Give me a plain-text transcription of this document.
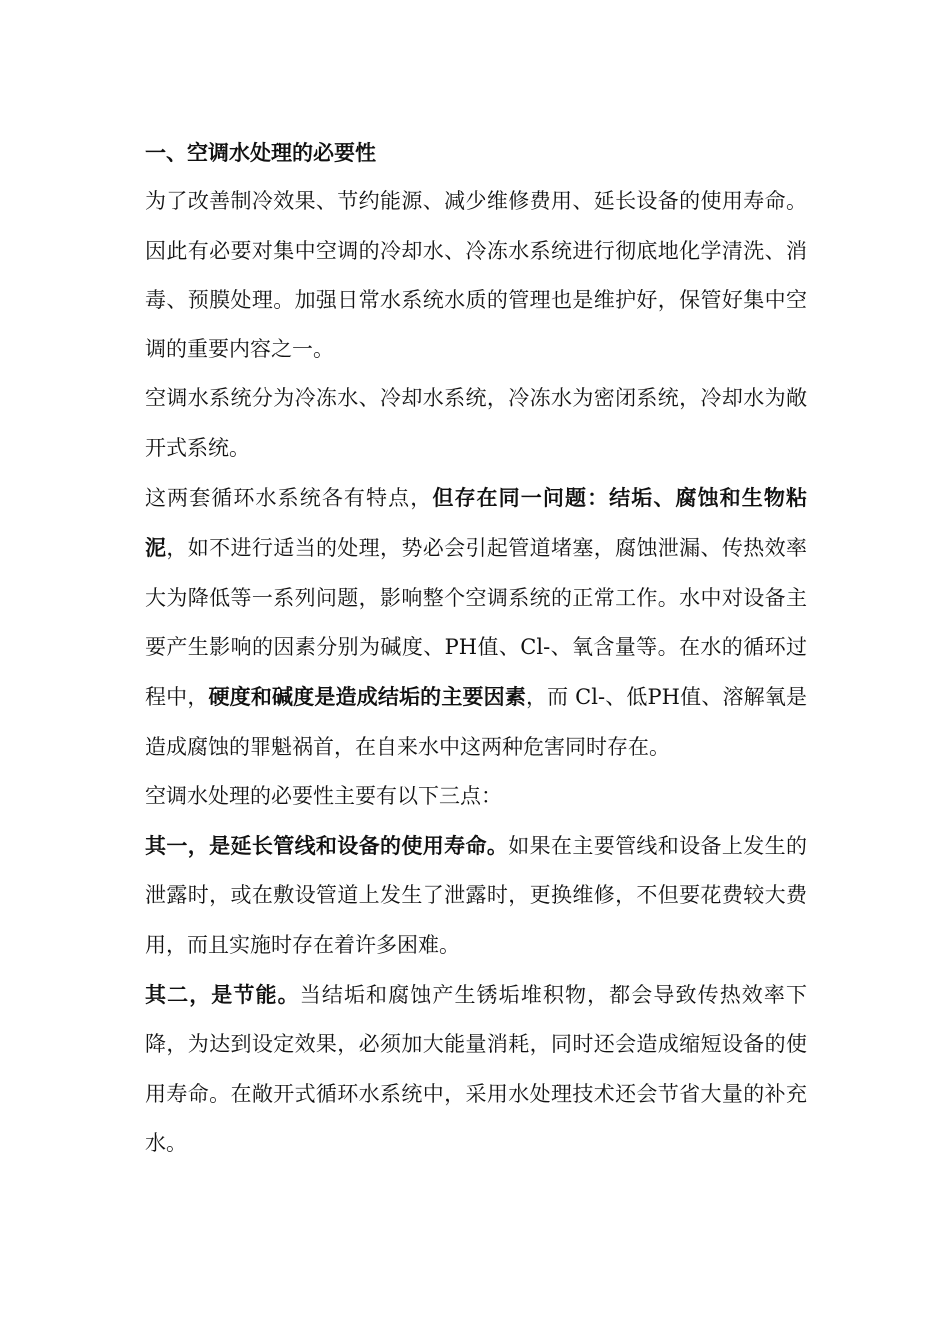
一、空调水处理的必要性

为了改善制冷效果、节约能源、减少维修费用、延长设备的使用寿命。因此有必要对集中空调的冷却水、冷冻水系统进行彻底地化学清洗、消毒、预膜处理。加强日常水系统水质的管理也是维护好，保管好集中空调的重要内容之一。

空调水系统分为冷冻水、冷却水系统，冷冻水为密闭系统，冷却水为敞开式系统。

这两套循环水系统各有特点，但存在同一问题：结垢、腐蚀和生物粘泥，如不进行适当的处理，势必会引起管道堵塞，腐蚀泄漏、传热效率大为降低等一系列问题，影响整个空调系统的正常工作。水中对设备主要产生影响的因素分别为碱度、PH值、Cl-、氧含量等。在水的循环过程中，硬度和碱度是造成结垢的主要因素，而 Cl-、低PH值、溶解氧是造成腐蚀的罪魁祸首，在自来水中这两种危害同时存在。

空调水处理的必要性主要有以下三点：

其一，是延长管线和设备的使用寿命。如果在主要管线和设备上发生的泄露时，或在敷设管道上发生了泄露时，更换维修，不但要花费较大费用，而且实施时存在着许多困难。

其二，是节能。当结垢和腐蚀产生锈垢堆积物，都会导致传热效率下降，为达到设定效果，必须加大能量消耗，同时还会造成缩短设备的使用寿命。在敞开式循环水系统中，采用水处理技术还会节省大量的补充水。
